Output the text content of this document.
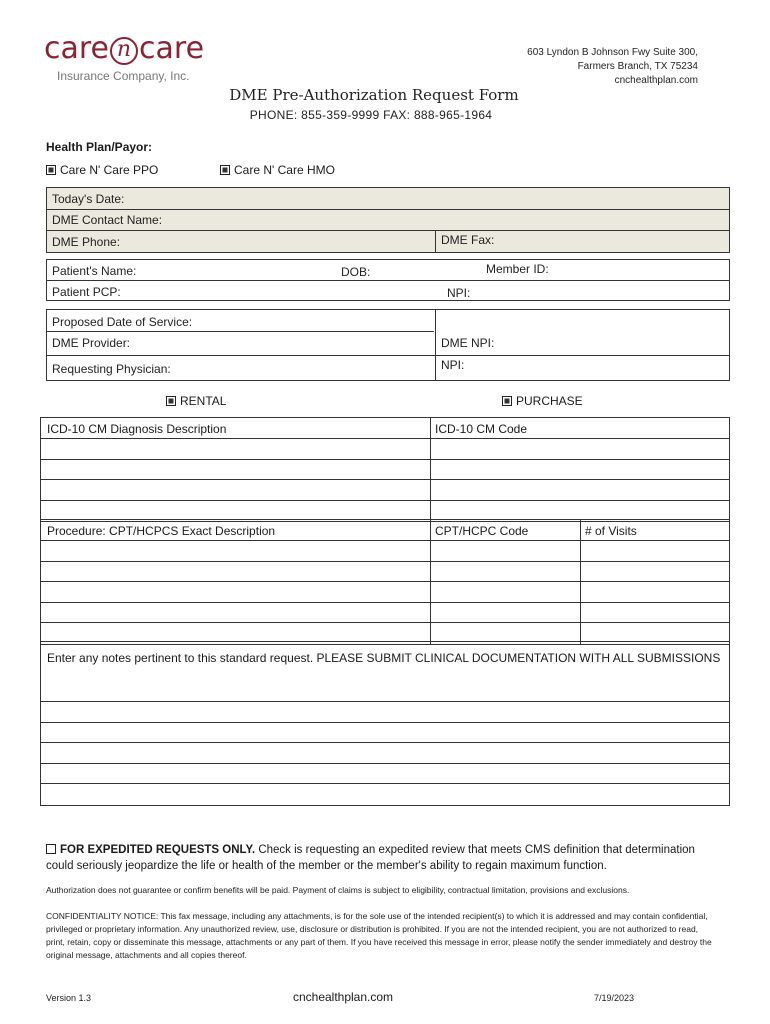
care n care
Insurance Company, Inc.
603 Lyndon B Johnson Fwy Suite 300,
Farmers Branch, TX 75234
cnchealthplan.com
DME Pre-Authorization Request Form
PHONE: 855-359-9999 FAX: 888-965-1964
Health Plan/Payor:
Care N' Care PPO	Care N' Care HMO
Today's Date:
DME Contact Name:
DME Phone:	DME Fax:
Patient's Name:	DOB:	Member ID:
Patient PCP:	NPI:
Proposed Date of Service:
DME Provider:	DME NPI:
Requesting Physician:	NPI:
RENTAL	PURCHASE
ICD-10 CM Diagnosis Description	ICD-10 CM Code
Procedure: CPT/HCPCS Exact Description	CPT/HCPC Code	# of Visits
Enter any notes pertinent to this standard request. PLEASE SUBMIT CLINICAL DOCUMENTATION WITH ALL SUBMISSIONS
FOR EXPEDITED REQUESTS ONLY. Check is requesting an expedited review that meets CMS definition that determination could seriously jeopardize the life or health of the member or the member's ability to regain maximum function.
Authorization does not guarantee or confirm benefits will be paid. Payment of claims is subject to eligibility, contractual limitation, provisions and exclusions.
CONFIDENTIALITY NOTICE: This fax message, including any attachments, is for the sole use of the intended recipient(s) to which it is addressed and may contain confidential, privileged or proprietary information. Any unauthorized review, use, disclosure or distribution is prohibited. If you are not the intended recipient, you are not authorized to read, print, retain, copy or disseminate this message, attachments or any part of them. If you have received this message in error, please notify the sender immediately and destroy the original message, attachments and all copies thereof.
Version 1.3	cnchealthplan.com	7/19/2023
